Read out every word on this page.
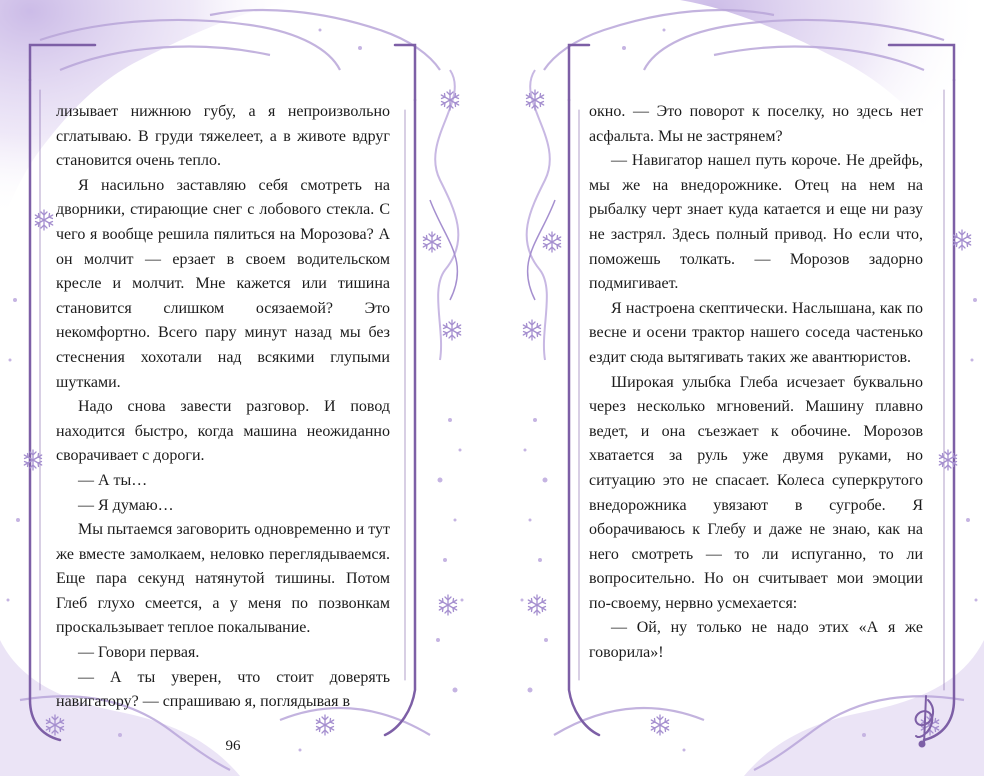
лизывает нижнюю губу, а я непроизвольно сглатываю. В груди тяжелеет, а в животе вдруг становится очень тепло.

Я насильно заставляю себя смотреть на дворники, стирающие снег с лобового стекла. С чего я вообще решила пялиться на Морозова? А он молчит — ерзает в своем водительском кресле и молчит. Мне кажется или тишина становится слишком осязаемой? Это некомфортно. Всего пару минут назад мы без стеснения хохотали над всякими глупыми шутками.

Надо снова завести разговор. И повод находится быстро, когда машина неожиданно сворачивает с дороги.

— А ты…

— Я думаю…

Мы пытаемся заговорить одновременно и тут же вместе замолкаем, неловко переглядываемся. Еще пара секунд натянутой тишины. Потом Глеб глухо смеется, а у меня по позвонкам проскальзывает теплое покалывание.

— Говори первая.

— А ты уверен, что стоит доверять навигатору? — спрашиваю я, поглядывая в

окно. — Это поворот к поселку, но здесь нет асфальта. Мы не застрянем?

— Навигатор нашел путь короче. Не дрейфь, мы же на внедорожнике. Отец на нем на рыбалку черт знает куда катается и еще ни разу не застрял. Здесь полный привод. Но если что, поможешь толкать. — Морозов задорно подмигивает.

Я настроена скептически. Наслышана, как по весне и осени трактор нашего соседа частенько ездит сюда вытягивать таких же авантюристов.

Широкая улыбка Глеба исчезает буквально через несколько мгновений. Машину плавно ведет, и она съезжает к обочине. Морозов хватается за руль уже двумя руками, но ситуацию это не спасает. Колеса суперкрутого внедорожника увязают в сугробе. Я оборачиваюсь к Глебу и даже не знаю, как на него смотреть — то ли испуганно, то ли вопросительно. Но он считывает мои эмоции по-своему, нервно усмехается:

— Ой, ну только не надо этих «А я же говорила»!

96
